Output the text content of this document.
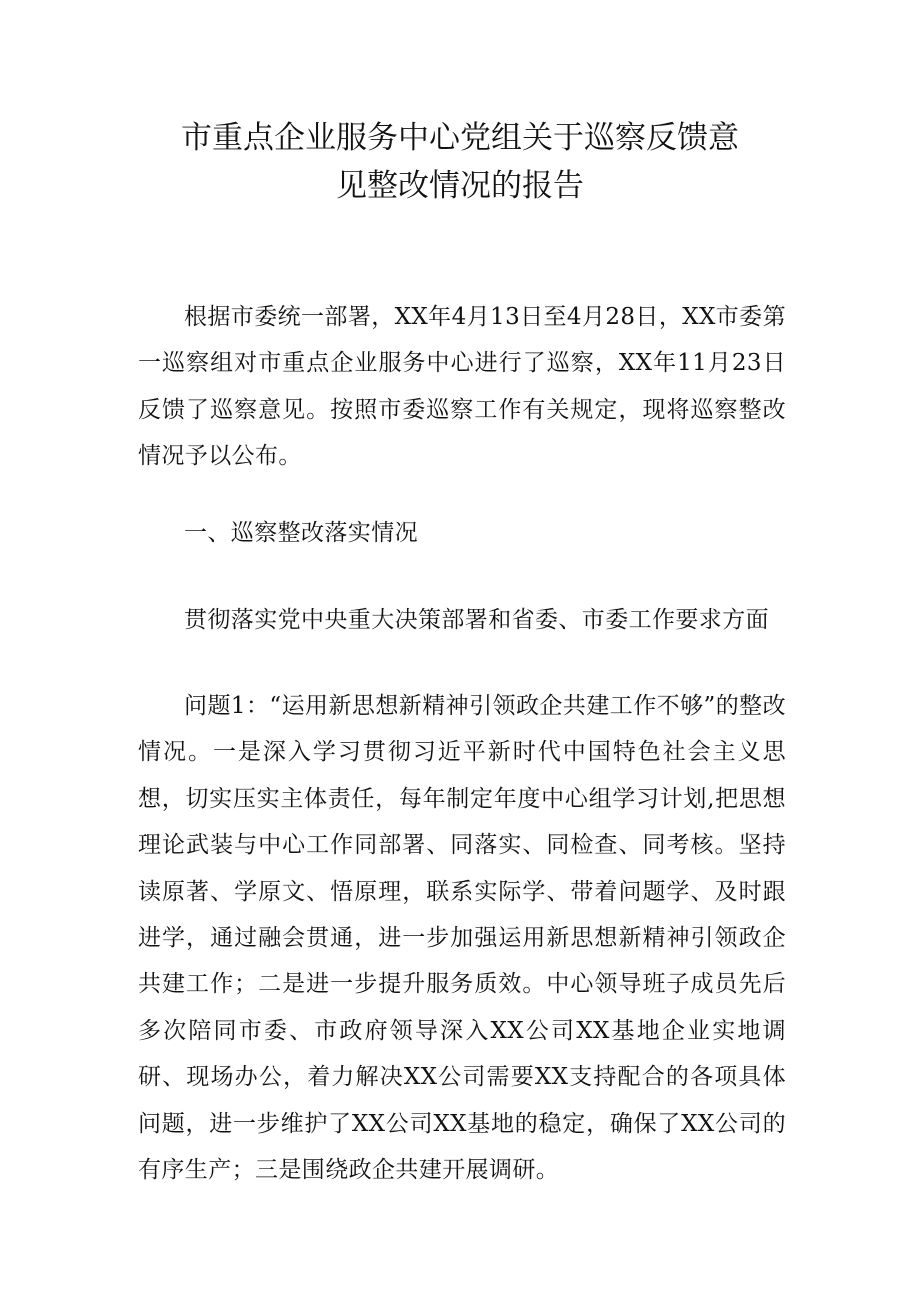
市重点企业服务中心党组关于巡察反馈意
见整改情况的报告

根据市委统一部署，XX年4月13日至4月28日，XX市委第一巡察组对市重点企业服务中心进行了巡察，XX年11月23日反馈了巡察意见。按照市委巡察工作有关规定，现将巡察整改情况予以公布。

一、巡察整改落实情况

贯彻落实党中央重大决策部署和省委、市委工作要求方面

问题1：“运用新思想新精神引领政企共建工作不够”的整改情况。一是深入学习贯彻习近平新时代中国特色社会主义思想，切实压实主体责任，每年制定年度中心组学习计划,把思想理论武装与中心工作同部署、同落实、同检查、同考核。坚持读原著、学原文、悟原理，联系实际学、带着问题学、及时跟进学，通过融会贯通，进一步加强运用新思想新精神引领政企共建工作；二是进一步提升服务质效。中心领导班子成员先后多次陪同市委、市政府领导深入XX公司XX基地企业实地调研、现场办公，着力解决XX公司需要XX支持配合的各项具体问题，进一步维护了XX公司XX基地的稳定，确保了XX公司的有序生产；三是围绕政企共建开展调研。
